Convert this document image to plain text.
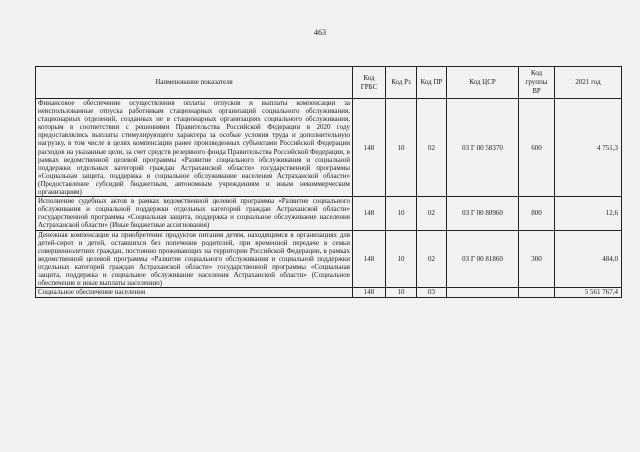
463
Наименование показателя	Код ГРБС	Код Рз	Код ПР	Код ЦСР	Код группы ВР	2021 год
Финансовое обеспечение осуществления оплаты отпусков и выплаты компенсации за неиспользованные отпуска работникам стационарных организаций социального обслуживания, стационарных отделений, созданных не в стационарных организациях социального обслуживания, которым в соответствии с решениями Правительства Российской Федерации в 2020 году предоставлялись выплаты стимулирующего характера за особые условия труда и дополнительную нагрузку, в том числе в целях компенсации ранее произведенных субъектами Российской Федерации расходов на указанные цели, за счет средств резервного фонда Правительства Российской Федерации, в рамках ведомственной целевой программы «Развитие социального обслуживания и социальной поддержки отдельных категорий граждан Астраханской области» государственной программы «Социальная защита, поддержка и социальное обслуживание населения Астраханской области» (Предоставление субсидий бюджетным, автономным учреждениям и иным некоммерческим организациям)	148	10	02	03 Г 00 58370	600	4 751,3
Исполнение судебных актов в рамках ведомственной целевой программы «Развитие социального обслуживания и социальной поддержки отдельных категорий граждан Астраханской области» государственной программы «Социальная защита, поддержка и социальное обслуживание населения Астраханской области» (Иные бюджетные ассигнования)	148	10	02	03 Г 00 80960	800	12,6
Денежная компенсация на приобретение продуктов питания детям, находящимся в организациях для детей-сирот и детей, оставшихся без попечения родителей, при временной передаче в семьи совершеннолетних граждан, постоянно проживающих на территории Российской Федерации, в рамках ведомственной целевой программы «Развитие социального обслуживания и социальной поддержки отдельных категорий граждан Астраханской области» государственной программы «Социальная защита, поддержка и социальное обслуживание населения Астраханской области» (Социальное обеспечение и иные выплаты населению)	148	10	02	03 Г 00 81860	300	484,0
Социальное обеспечение населения	148	10	03			5 561 767,4
